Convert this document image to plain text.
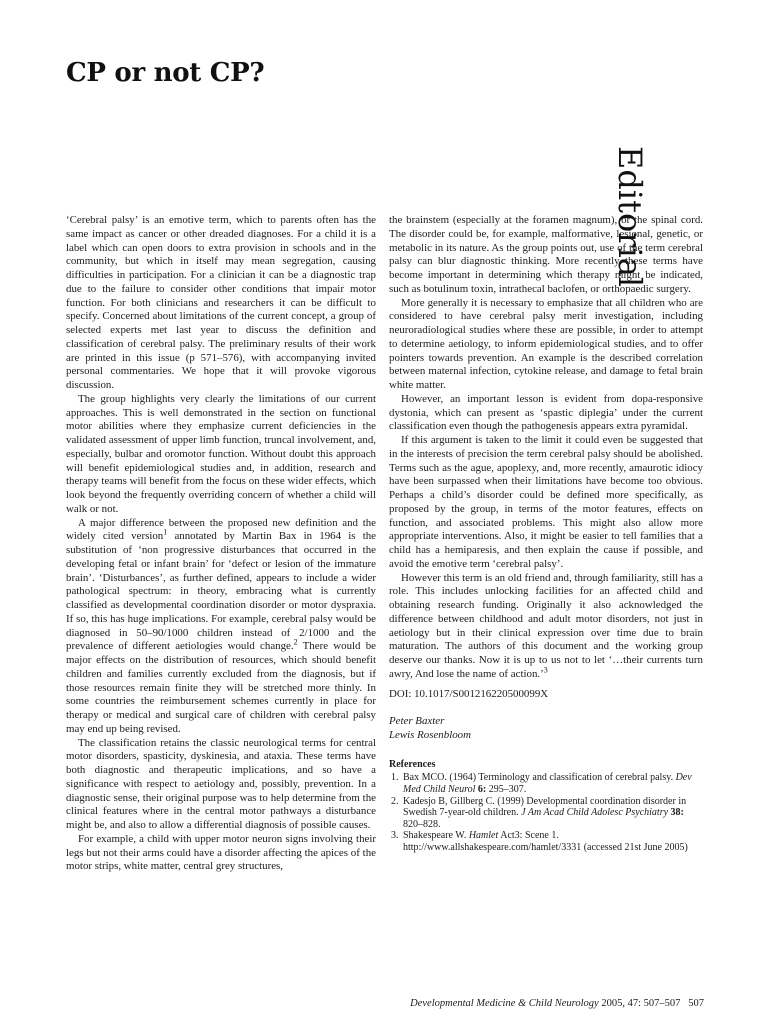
CP or not CP?
Editorial

‘Cerebral palsy’ is an emotive term, which to parents often has the same impact as cancer or other dreaded diagnoses. For a child it is a label which can open doors to extra provision in schools and in the community, but which in itself may mean segregation, causing difficulties in participation. For a clinician it can be a diagnostic trap due to the failure to consider other conditions that impair motor function. For both clinicians and researchers it can be difficult to specify. Concerned about limitations of the current concept, a group of selected experts met last year to discuss the definition and classification of cerebral palsy. The preliminary results of their work are printed in this issue (p 571–576), with accompanying invited personal commentaries. We hope that it will provoke vigorous discussion.

The group highlights very clearly the limitations of our current approaches. This is well demonstrated in the section on functional motor abilities where they emphasize current deficiencies in the validated assessment of upper limb function, truncal involvement, and, especially, bulbar and oromotor function. Without doubt this approach will benefit epidemiological studies and, in addition, research and therapy teams will benefit from the focus on these wider effects, which look beyond the frequently overriding concern of whether a child will walk or not.

A major difference between the proposed new definition and the widely cited version$^1$ annotated by Martin Bax in 1964 is the substitution of ‘non progressive disturbances that occurred in the developing fetal or infant brain’ for ‘defect or lesion of the immature brain’. ‘Disturbances’, as further defined, appears to include a wider pathological spectrum: in theory, embracing what is currently classified as developmental coordination disorder or motor dyspraxia. If so, this has huge implications. For example, cerebral palsy would be diagnosed in 50–90/1000 children instead of 2/1000 and the prevalence of different aetiologies would change.$^2$ There would be major effects on the distribution of resources, which should benefit children and families currently excluded from the diagnosis, but if those resources remain finite they will be stretched more thinly. In some countries the reimbursement schemes currently in place for therapy or medical and surgical care of children with cerebral palsy may end up being revised.

The classification retains the classic neurological terms for central motor disorders, spasticity, dyskinesia, and ataxia. These terms have both diagnostic and therapeutic implications, and so have a significance with respect to aetiology and, possibly, prevention. In a diagnostic sense, their original purpose was to help determine from the clinical features where in the central motor pathways a disturbance might be, and also to allow a differential diagnosis of possible causes.

For example, a child with upper motor neuron signs involving their legs but not their arms could have a disorder affecting the apices of the motor strips, white matter, central grey structures,

the brainstem (especially at the foramen magnum), or the spinal cord. The disorder could be, for example, malformative, lesional, genetic, or metabolic in its nature. As the group points out, use of the term cerebral palsy can blur diagnostic thinking. More recently these terms have become important in determining which therapy might be indicated, such as botulinum toxin, intrathecal baclofen, or orthopaedic surgery.

More generally it is necessary to emphasize that all children who are considered to have cerebral palsy merit investigation, including neuroradiological studies where these are possible, in order to attempt to determine aetiology, to inform epidemiological studies, and to offer pointers towards prevention. An example is the described correlation between maternal infection, cytokine release, and damage to fetal brain white matter.

However, an important lesson is evident from dopa-responsive dystonia, which can present as ‘spastic diplegia’ under the current classification even though the pathogenesis appears extra pyramidal.

If this argument is taken to the limit it could even be suggested that in the interests of precision the term cerebral palsy should be abolished. Terms such as the ague, apoplexy, and, more recently, amaurotic idiocy have been surpassed when their limitations have become too obvious. Perhaps a child’s disorder could be defined more specifically, as proposed by the group, in terms of the motor features, effects on function, and associated problems. This might also allow more appropriate interventions. Also, it might be easier to tell families that a child has a hemiparesis, and then explain the cause if possible, and avoid the emotive term ‘cerebral palsy’.

However this term is an old friend and, through familiarity, still has a role. This includes unlocking facilities for an affected child and obtaining research funding. Originally it also acknowledged the difference between childhood and adult motor disorders, not just in aetiology but in their clinical expression over time due to brain maturation. The authors of this document and the working group deserve our thanks. Now it is up to us not to let ‘…their currents turn awry, And lose the name of action.’$^3$

DOI: 10.1017/S001216220500099X

Peter Baxter
Lewis Rosenbloom
References
1. Bax MCO. (1964) Terminology and classification of cerebral palsy. Dev Med Child Neurol 6: 295–307.
2. Kadesjo B, Gillberg C. (1999) Developmental coordination disorder in Swedish 7-year-old children. J Am Acad Child Adolesc Psychiatry 38: 820–828.
3. Shakespeare W. Hamlet Act3: Scene 1. http://www.allshakespeare.com/hamlet/3331 (accessed 21st June 2005)
Developmental Medicine & Child Neurology 2005, 47: 507–507 507
